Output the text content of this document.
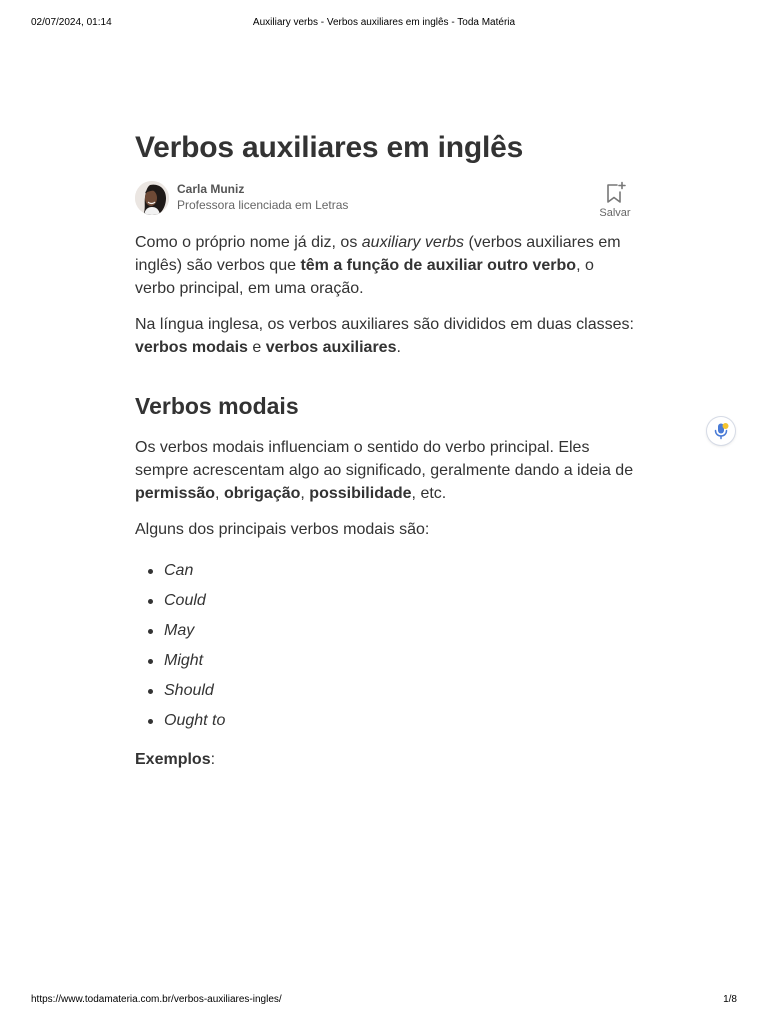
02/07/2024, 01:14	Auxiliary verbs - Verbos auxiliares em inglês - Toda Matéria
Verbos auxiliares em inglês
Carla Muniz
Professora licenciada em Letras
Salvar

Como o próprio nome já diz, os auxiliary verbs (verbos auxiliares em inglês) são verbos que têm a função de auxiliar outro verbo, o verbo principal, em uma oração.

Na língua inglesa, os verbos auxiliares são divididos em duas classes: verbos modais e verbos auxiliares.

Verbos modais

Os verbos modais influenciam o sentido do verbo principal. Eles sempre acrescentam algo ao significado, geralmente dando a ideia de permissão, obrigação, possibilidade, etc.

Alguns dos principais verbos modais são:

Can
Could
May
Might
Should
Ought to

Exemplos:

https://www.todamateria.com.br/verbos-auxiliares-ingles/	1/8
